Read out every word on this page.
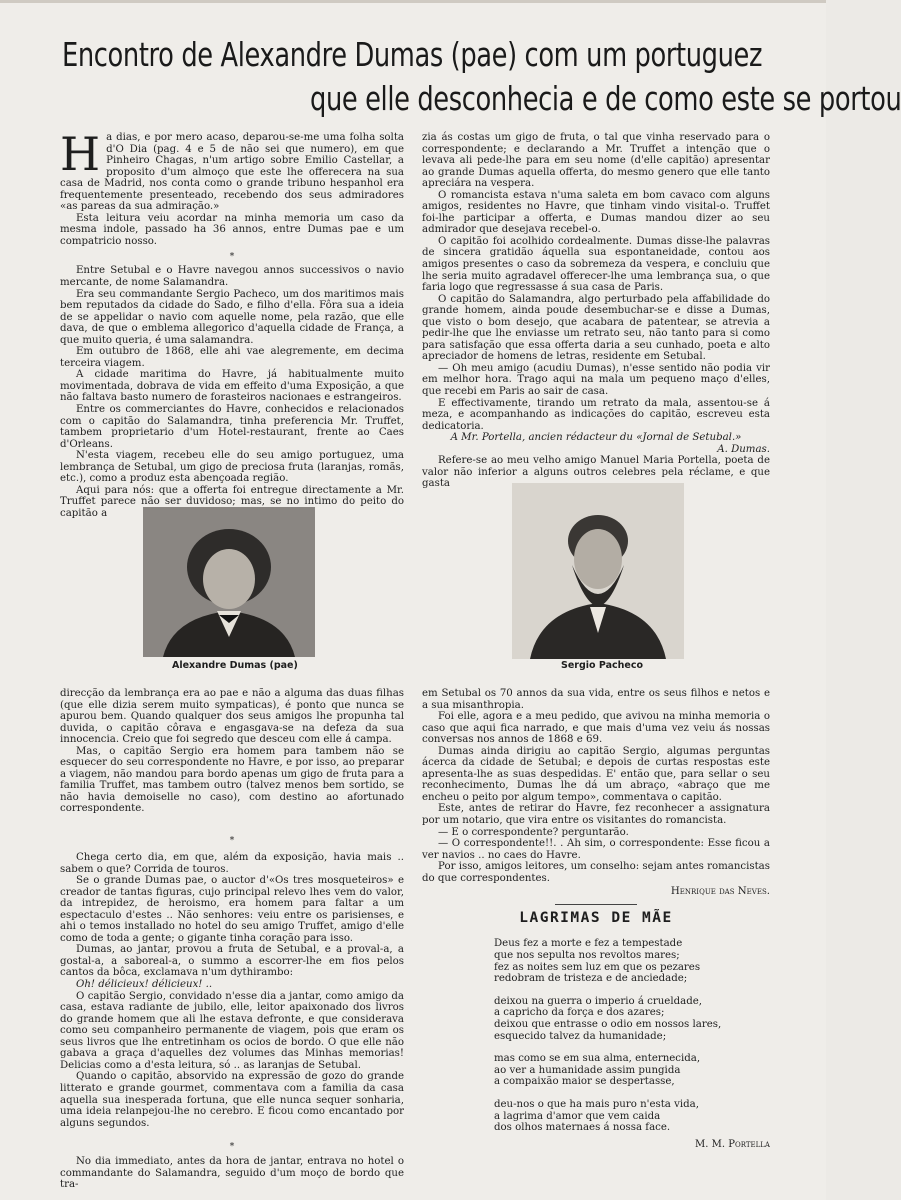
Encontro de Alexandre Dumas (pae) com um portuguez
que elle desconhecia e de como este se portou
H a dias, e por mero acaso, deparou-se-me uma folha solta d'O Dia (pag. 4 e 5 de não sei que numero), em que Pinheiro Chagas, n'um artigo sobre Emilio Castellar, a proposito d'um almoço que este lhe offerecera na sua casa de Madrid, nos conta como o grande tribuno hespanhol era frequentemente presenteado, recebendo dos seus admiradores «as pareas da sua admiração.»

Esta leitura veiu acordar na minha memoria um caso da mesma indole, passado ha 36 annos, entre Dumas pae e um compatricio nosso.

*

Entre Setubal e o Havre navegou annos successivos o navio mercante, de nome Salamandra.

Era seu commandante Sergio Pacheco, um dos maritimos mais bem reputados da cidade do Sado, e filho d'ella. Fôra sua a ideia de se appelidar o navio com aquelle nome, pela razão, que elle dava, de que o emblema allegorico d'aquella cidade de França, a que muito queria, é uma salamandra.

Em outubro de 1868, elle ahi vae alegremente, em decima terceira viagem.

A cidade maritima do Havre, já habitualmente muito movimentada, dobrava de vida em effeito d'uma Exposição, a que não faltava basto numero de forasteiros nacionaes e estrangeiros.

Entre os commerciantes do Havre, conhecidos e relacionados com o capitão do Salamandra, tinha preferencia Mr. Truffet, tambem proprietario d'um Hotel-restaurant, frente ao Caes d'Orleans.

N'esta viagem, recebeu elle do seu amigo portuguez, uma lembrança de Setubal, um gigo de preciosa fruta (laranjas, romãs, etc.), como a produz esta abençoada região.

Aqui para nós: que a offerta foi entregue directamente a Mr. Truffet parece não ser duvidoso; mas, se no intimo do peito do capitão a

zia ás costas um gigo de fruta, o tal que vinha reservado para o correspondente; e declarando a Mr. Truffet a intenção que o levava ali pede-lhe para em seu nome (d'elle capitão) apresentar ao grande Dumas aquella offerta, do mesmo genero que elle tanto apreciára na vespera.

O romancista estava n'uma saleta em bom cavaco com alguns amigos, residentes no Havre, que tinham vindo visital-o. Truffet foi-lhe participar a offerta, e Dumas mandou dizer ao seu admirador que desejava recebel-o.

O capitão foi acolhido cordealmente. Dumas disse-lhe palavras de sincera gratidão áquella sua espontaneidade, contou aos amigos presentes o caso da sobremeza da vespera, e concluiu que lhe seria muito agradavel offerecer-lhe uma lembrança sua, o que faria logo que regressasse á sua casa de Paris.

O capitão do Salamandra, algo perturbado pela affabilidade do grande homem, ainda poude desembuchar-se e disse a Dumas, que visto o bom desejo, que acabara de patentear, se atrevia a pedir-lhe que lhe enviasse um retrato seu, não tanto para si como para satisfação que essa offerta daria a seu cunhado, poeta e alto apreciador de homens de letras, residente em Setubal.

— Oh meu amigo (acudiu Dumas), n'esse sentido não podia vir em melhor hora. Trago aqui na mala um pequeno maço d'elles, que recebi em Paris ao sair de casa.

E effectivamente, tirando um retrato da mala, assentou-se á meza, e acompanhando as indicações do capitão, escreveu esta dedicatoria.

A Mr. Portella, ancien rédacteur du «Jornal de Setubal.»

A. Dumas.

Refere-se ao meu velho amigo Manuel Maria Portella, poeta de valor não inferior a alguns outros celebres pela réclame, e que gasta

Alexandre Dumas (pae)	Sergio Pacheco

direcção da lembrança era ao pae e não a alguma das duas filhas (que elle dizia serem muito sympaticas), é ponto que nunca se apurou bem. Quando qualquer dos seus amigos lhe propunha tal duvida, o capitão côrava e engasgava-se na defeza da sua innocencia. Creio que foi segredo que desceu com elle á campa.

Mas, o capitão Sergio era homem para tambem não se esquecer do seu correspondente no Havre, e por isso, ao preparar a viagem, não mandou para bordo apenas um gigo de fruta para a familia Truffet, mas tambem outro (talvez menos bem sortido, se não havia demoiselle no caso), com destino ao afortunado correspondente.

*

Chega certo dia, em que, além da exposição, havia mais .. sabem o que? Corrida de touros.

Se o grande Dumas pae, o auctor d'«Os tres mosqueteiros» e creador de tantas figuras, cujo principal relevo lhes vem do valor, da intrepidez, de heroismo, era homem para faltar a um espectaculo d'estes .. Não senhores: veiu entre os parisienses, e ahi o temos installado no hotel do seu amigo Truffet, amigo d'elle como de toda a gente; o gigante tinha coração para isso.

Dumas, ao jantar, provou a fruta de Setubal, e a proval-a, a gostal-a, a saboreal-a, o summo a escorrer-lhe em fios pelos cantos da bôca, exclamava n'um dythirambo:

Oh! délicieux! délicieux! ..

O capitão Sergio, convidado n'esse dia a jantar, como amigo da casa, estava radiante de jubilo, elle, leitor apaixonado dos livros do grande homem que ali lhe estava defronte, e que considerava como seu companheiro permanente de viagem, pois que eram os seus livros que lhe entretinham os ocios de bordo. O que elle não gabava a graça d'aquelles dez volumes das Minhas memorias! Delicias como a d'esta leitura, só .. as laranjas de Setubal.

Quando o capitão, absorvido na expressão de gozo do grande litterato e grande gourmet, commentava com a familia da casa aquella sua inesperada fortuna, que elle nunca sequer sonharia, uma ideia relanpejou-lhe no cerebro. E ficou como encantado por alguns segundos.

*

No dia immediato, antes da hora de jantar, entrava no hotel o commandante do Salamandra, seguido d'um moço de bordo que tra-

em Setubal os 70 annos da sua vida, entre os seus filhos e netos e a sua misanthropia.

Foi elle, agora e a meu pedido, que avivou na minha memoria o caso que aqui fica narrado, e que mais d'uma vez veiu ás nossas conversas nos annos de 1868 e 69.

Dumas ainda dirigiu ao capitão Sergio, algumas perguntas ácerca da cidade de Setubal; e depois de curtas respostas este apresenta-lhe as suas despedidas. E' então que, para sellar o seu reconhecimento, Dumas lhe dá um abraço, «abraço que me encheu o peito por algum tempo», commentava o capitão.

Este, antes de retirar do Havre, fez reconhecer a assignatura por um notario, que vira entre os visitantes do romancista.

— E o correspondente? perguntarão.

— O correspondente!!. . Ah sim, o correspondente: Esse ficou a ver navios .. no caes do Havre.

Por isso, amigos leitores, um conselho: sejam antes romancistas do que correspondentes.

Henrique das Neves.

LAGRIMAS DE MÃE
Deus fez a morte e fez a tempestade
que nos sepulta nos revoltos mares;
fez as noites sem luz em que os pezares
redobram de tristeza e de anciedade;
deixou na guerra o imperio á crueldade,
a capricho da força e dos azares;
deixou que entrasse o odio em nossos lares,
esquecido talvez da humanidade;
mas como se em sua alma, enternecida,
ao ver a humanidade assim pungida
a compaixão maior se despertasse,
deu-nos o que ha mais puro n'esta vida,
a lagrima d'amor que vem caida
dos olhos maternaes á nossa face.
M. M. Portella
